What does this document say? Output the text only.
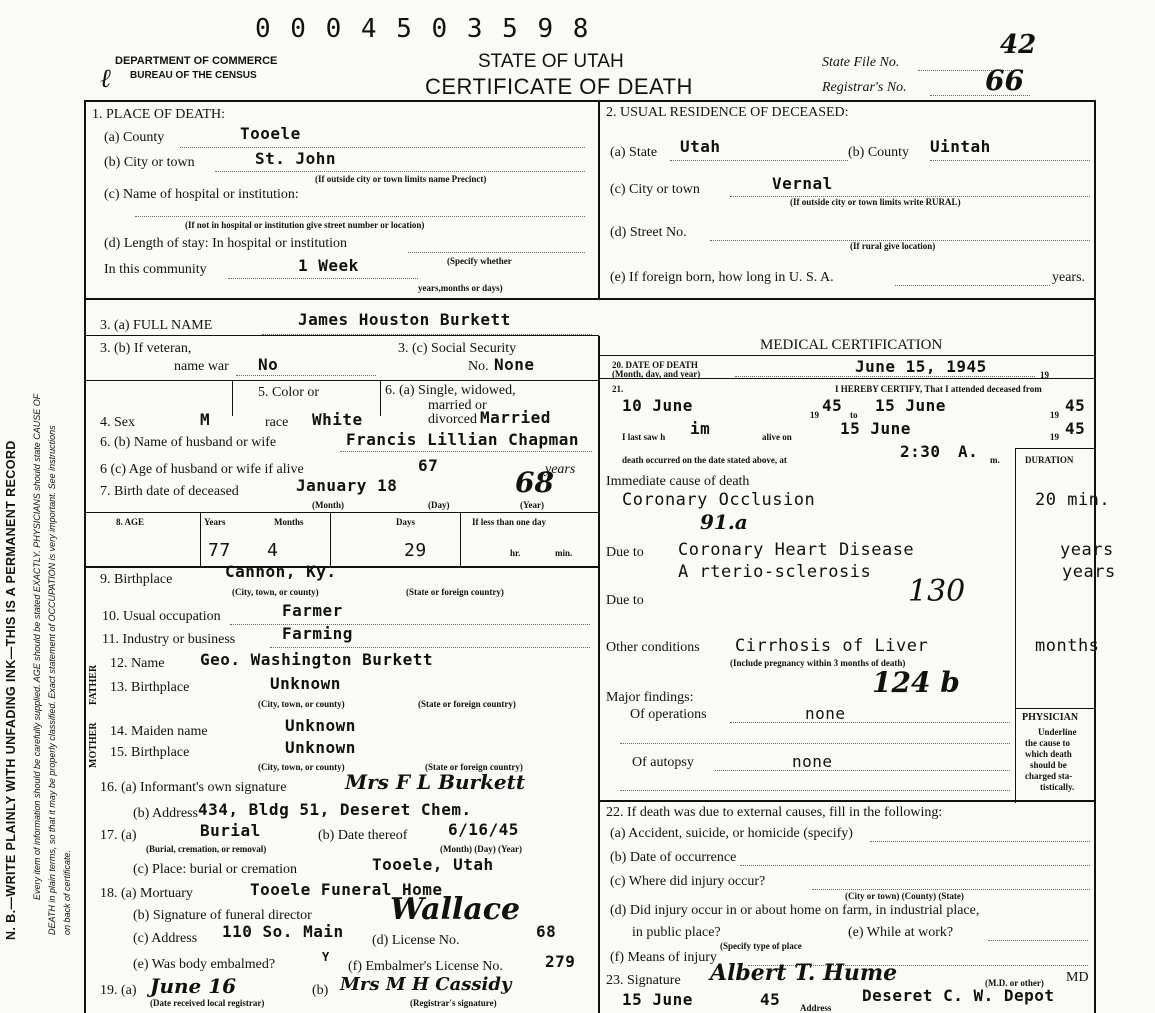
N. B.—WRITE PLAINLY WITH UNFADING INK—THIS IS A PERMANENT RECORD Every item of information should be carefully supplied. AGE should be stated EXACTLY. PHYSICIANS should state CAUSE OF DEATH in plain terms, so that it may be properly classified. Exact statement of OCCUPATION is very important. See instructions on back of certificate.
0 0 0 4 5 0 3 5 9 8
DEPARTMENT OF COMMERCE
BUREAU OF THE CENSUS
STATE OF UTAH
CERTIFICATE OF DEATH
State File No.
42
Registrar's No.	66
ℓ
1. PLACE OF DEATH:
(a) County	Tooele
(b) City or town	St. John
(If outside city or town limits name Precinct)
(c) Name of hospital or institution:
(If not in hospital or institution give street number or location)
(d) Length of stay: In hospital or institution
In this community	1 Week	(Specify whether
years,months or days)
2. USUAL RESIDENCE OF DECEASED:
(a) State Utah	(b) County Uintah
(c) City or town	Vernal
(If outside city or town limits write RURAL)
(d) Street No.
(If rural give location)
(e) If foreign born, how long in U. S. A.	years.
3. (a) FULL NAME	James Houston Burkett
3. (b) If veteran,
name war No
3. (c) Social Security
No. None
4. Sex	M
5. Color or
race White
6. (a) Single, widowed,
married or
divorced Married
6. (b) Name of husband or wife	Francis Lillian Chapman
6 (c) Age of husband or wife if alive	67	years
7. Birth date of deceased	January 18	68
(Month)	(Day)	(Year)
8. AGE	Years	Months	Days	If less than one day
77 4	29	hr.	min.
9. Birthplace	Cannon, Ky.
(City, town, or county)	(State or foreign country)
10. Usual occupation	Farmer
11. Industry or business	Farming
FATHER
12. Name Geo. Washington Burkett
13. Birthplace	Unknown
(City, town, or county)	(State or foreign country)
MOTHER 14. Maiden name	Unknown
15. Birthplace	Unknown
(City, town, or county)	(State or foreign country)
16. (a) Informant's own signature	Mrs F L Burkett
(b) Address 434, Bldg 51, Deseret Chem.
17. (a)	Burial
(Burial, cremation, or removal)
(b) Date thereof	6/16/45
(Month) (Day) (Year)
(c) Place: burial or cremation	Tooele, Utah
18. (a) Mortuary	Tooele Funeral Home
(b) Signature of funeral director	Wallace
(c) Address 110 So. Main (d) License No.	68
(e) Was body embalmed?	Y
(f) Embalmer's License No.	279
19. (a) June 16
(Date received local registrar)
(b) Mrs M H Cassidy
(Registrar's signature)
MEDICAL CERTIFICATION
20. DATE OF DEATH
(Month, day, and year)	June 15, 1945	19
21.	I HEREBY CERTIFY, That I attended deceased from
10 June	19 45 to 15 June	19 45
I last saw h im	alive on	15 June	19 45
death occurred on the date stated above, at	2:30 A. m.	DURATION
Immediate cause of death
Coronary Occlusion	20 min.
91.a
Due to Coronary Heart Disease	years
A rterio-sclerosis	years
130
Due to
Other conditions Cirrhosis of Liver	months
(Include pregnancy within 3 months of death)
124 b
Major findings:
Of operations	none
Of autopsy	none
PHYSICIAN
Underline
the cause to
which death
should be
charged sta-
tistically.
22. If death was due to external causes, fill in the following:
(a) Accident, suicide, or homicide (specify)
(b) Date of occurrence
(c) Where did injury occur?
(City or town) (County) (State)
(d) Did injury occur in or about home on farm, in industrial place,
in public place?
(Specify type of place
(e) While at work?
(f) Means of injury
23. Signature Albert T. Hume	(M.D. or other) MD
15 June	45 Address
Deseret C. W. Depot
